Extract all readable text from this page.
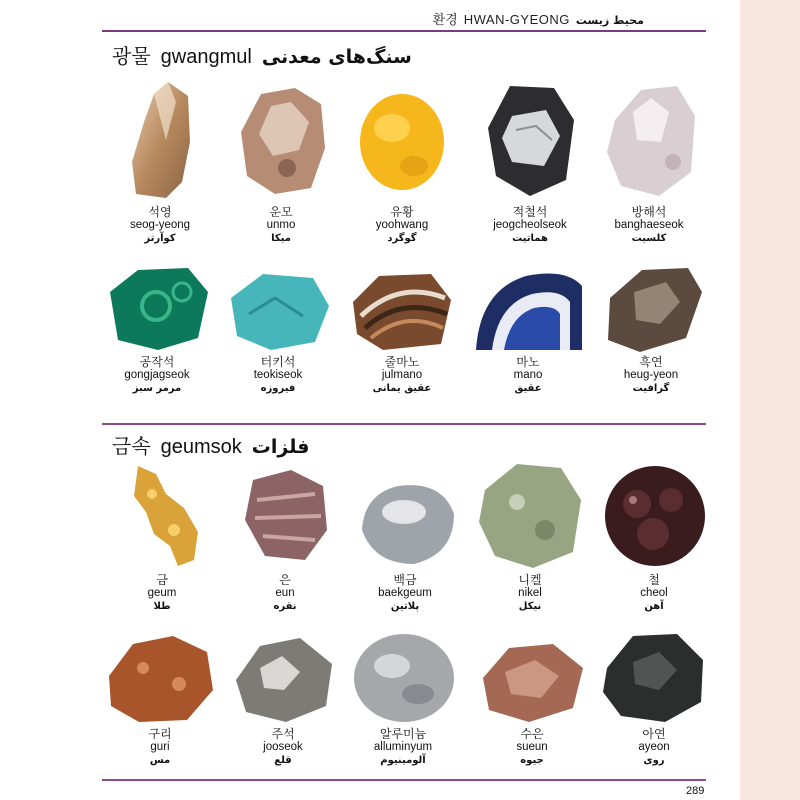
환경 HWAN-GYEONG محیط زیست
광물 gwangmul سنگ‌های معدنی
석영
seog-yeong
کوآرتز
운모
unmo
میکا
유황
yoohwang
گوگرد
적철석
jeogcheolseok
هماتیت
방해석
banghaeseok
کلسیت
공작석
gongjagseok
مرمر سبز
터키석
teokiseok
فیروزه
줄마노
julmano
عقیق یمانی
마노
mano
عقیق
흑연
heug-yeon
گرافیت
금속 geumsok فلزات
금
geum
طلا
은
eun
نقره
백금
baekgeum
پلاتین
니켈
nikel
نیکل
철
cheol
آهن
구리
guri
مس
주석
jooseok
قلع
알루미늄
alluminyum
آلومینیوم
수은
sueun
جیوه
아연
ayeon
روی
289
